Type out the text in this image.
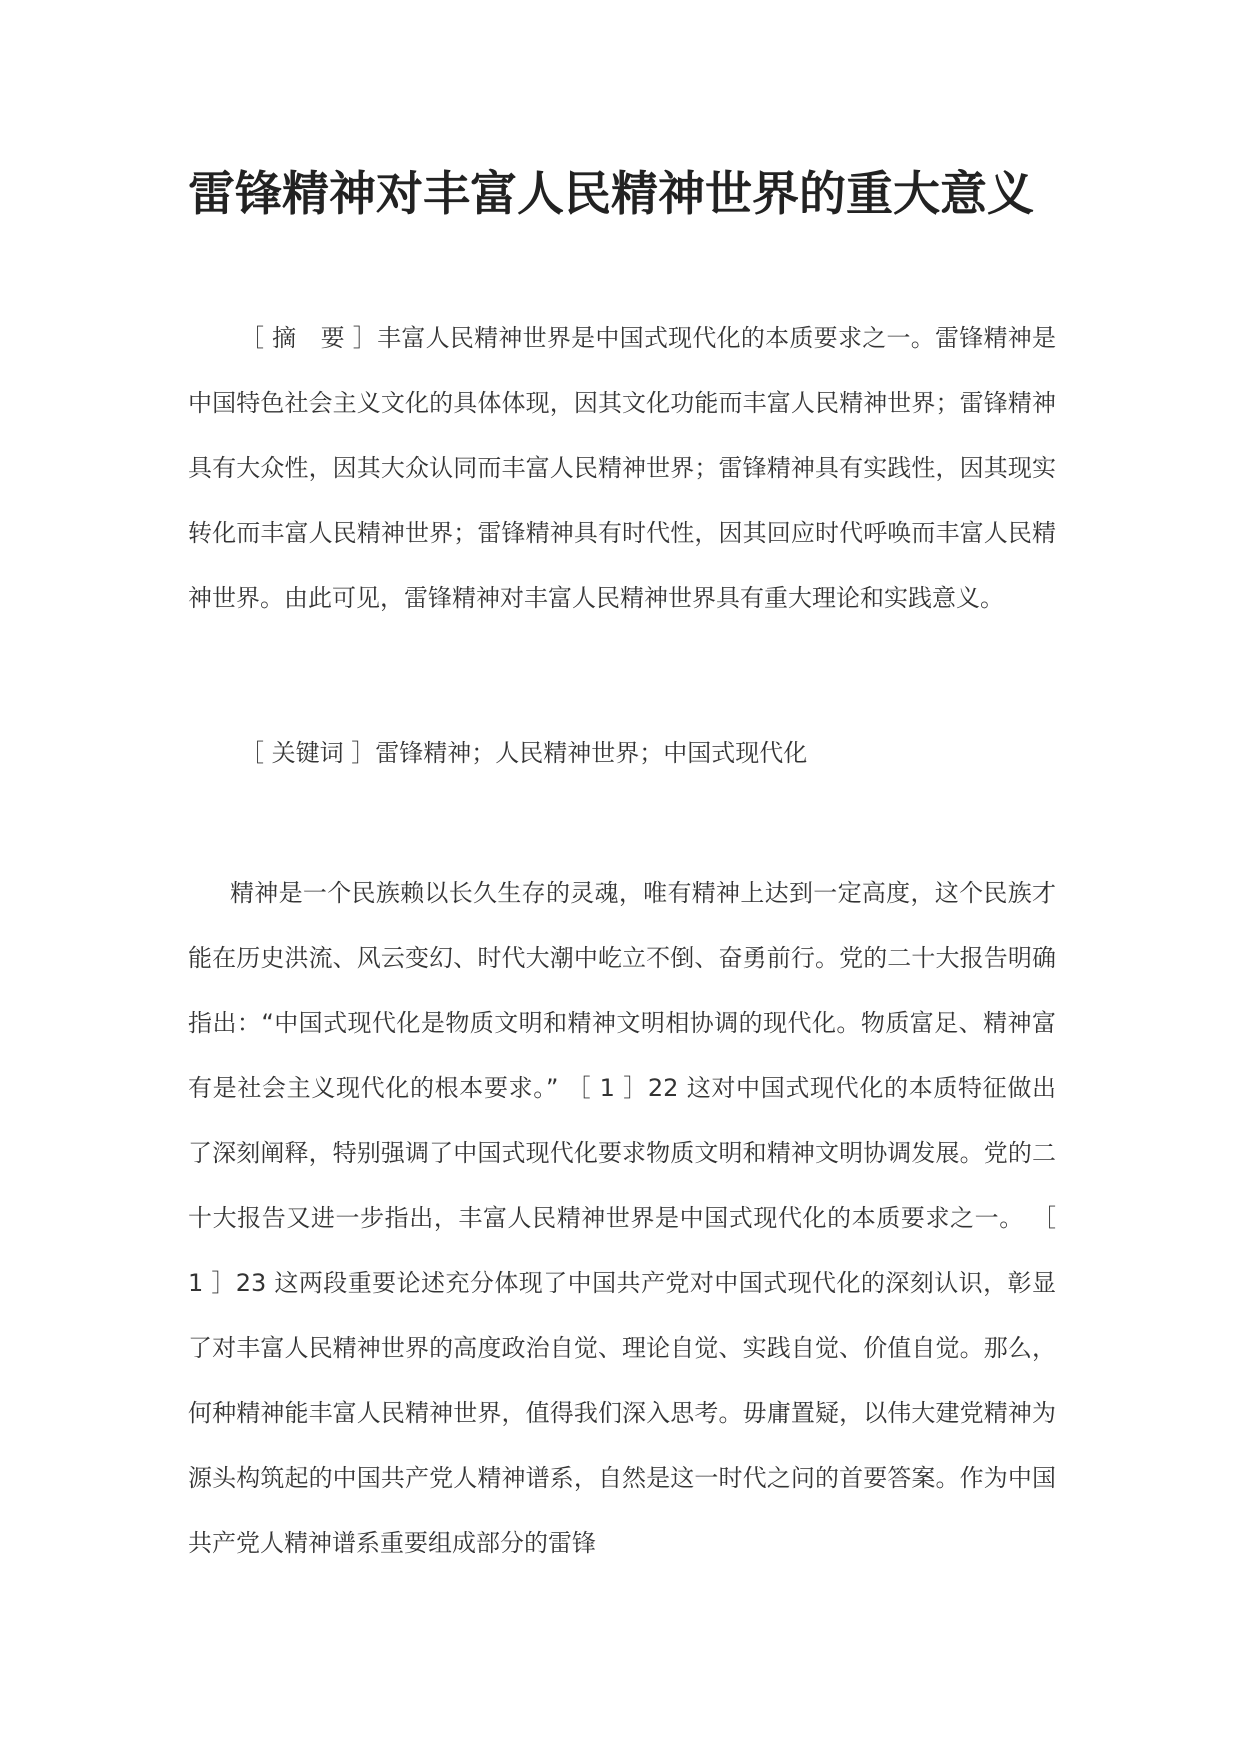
雷锋精神对丰富人民精神世界的重大意义

［ 摘　要 ］丰富人民精神世界是中国式现代化的本质要求之一。雷锋精神是中国特色社会主义文化的具体体现，因其文化功能而丰富人民精神世界；雷锋精神具有大众性，因其大众认同而丰富人民精神世界；雷锋精神具有实践性，因其现实转化而丰富人民精神世界；雷锋精神具有时代性，因其回应时代呼唤而丰富人民精神世界。由此可见，雷锋精神对丰富人民精神世界具有重大理论和实践意义。

［ 关键词 ］雷锋精神；人民精神世界；中国式现代化

精神是一个民族赖以长久生存的灵魂，唯有精神上达到一定高度，这个民族才能在历史洪流、风云变幻、时代大潮中屹立不倒、奋勇前行。党的二十大报告明确指出：“中国式现代化是物质文明和精神文明相协调的现代化。物质富足、精神富有是社会主义现代化的根本要求。” ［ 1 ］22 这对中国式现代化的本质特征做出了深刻阐释，特别强调了中国式现代化要求物质文明和精神文明协调发展。党的二十大报告又进一步指出，丰富人民精神世界是中国式现代化的本质要求之一。 ［ 1 ］23 这两段重要论述充分体现了中国共产党对中国式现代化的深刻认识，彰显了对丰富人民精神世界的高度政治自觉、理论自觉、实践自觉、价值自觉。那么，何种精神能丰富人民精神世界，值得我们深入思考。毋庸置疑，以伟大建党精神为源头构筑起的中国共产党人精神谱系，自然是这一时代之问的首要答案。作为中国共产党人精神谱系重要组成部分的雷锋
